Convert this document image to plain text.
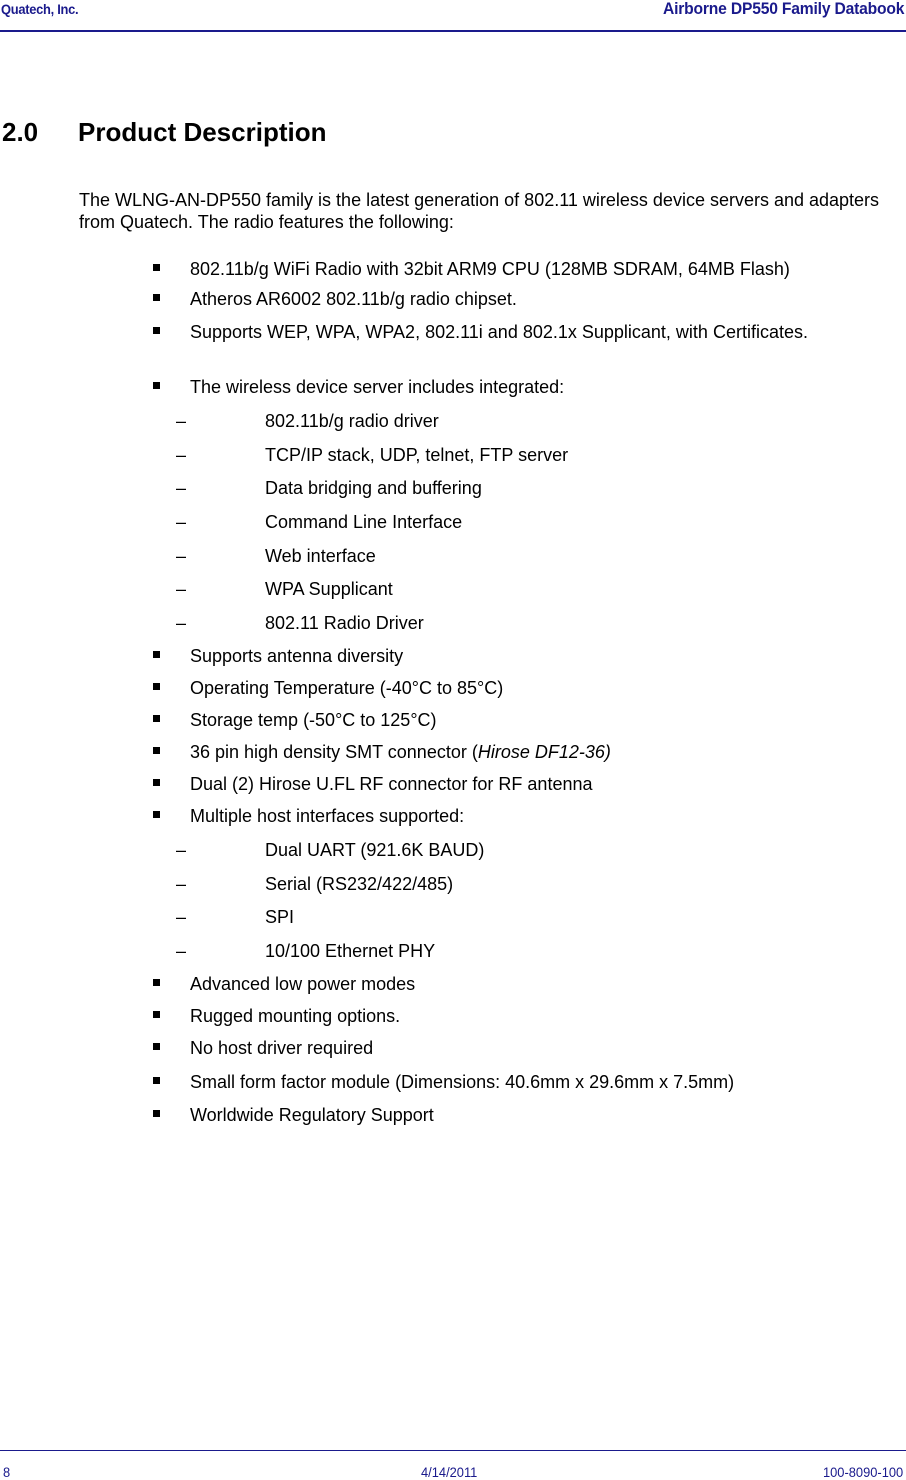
Quatech, Inc.	Airborne DP550 Family Databook
2.0 Product Description

The WLNG-AN-DP550 family is the latest generation of 802.11 wireless device servers and adapters from Quatech. The radio features the following:

802.11b/g WiFi Radio with 32bit ARM9 CPU (128MB SDRAM, 64MB Flash)
Atheros AR6002 802.11b/g radio chipset.
Supports WEP, WPA, WPA2, 802.11i and 802.1x Supplicant, with Certificates.
The wireless device server includes integrated:
–	802.11b/g radio driver
–	TCP/IP stack, UDP, telnet, FTP server
–	Data bridging and buffering
–	Command Line Interface
–	Web interface
–	WPA Supplicant
–	802.11 Radio Driver
Supports antenna diversity
Operating Temperature (-40°C to 85°C)
Storage temp (-50°C to 125°C)
36 pin high density SMT connector (Hirose DF12-36)
Dual (2) Hirose U.FL RF connector for RF antenna
Multiple host interfaces supported:
–	Dual UART (921.6K BAUD)
–	Serial (RS232/422/485)
–	SPI
–	10/100 Ethernet PHY
Advanced low power modes
Rugged mounting options.
No host driver required
Small form factor module (Dimensions: 40.6mm x 29.6mm x 7.5mm)
Worldwide Regulatory Support
8	4/14/2011	100-8090-100
